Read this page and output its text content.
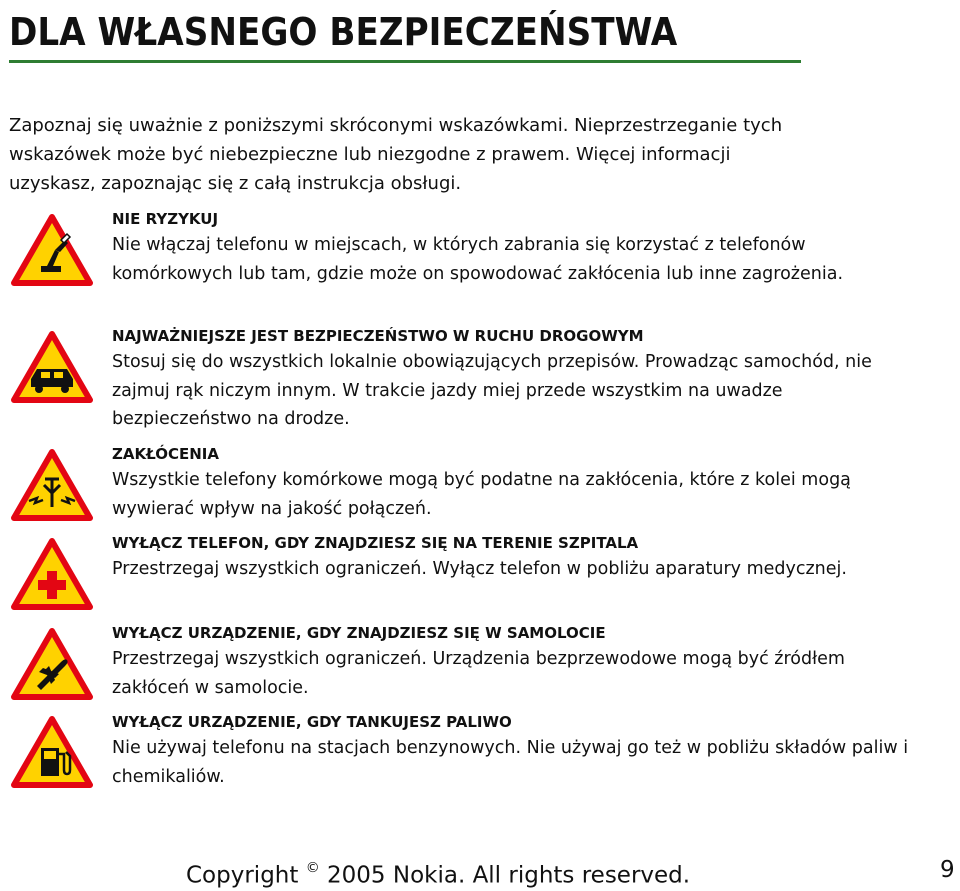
DLA WŁASNEGO BEZPIECZEŃSTWA
Zapoznaj się uważnie z poniższymi skróconymi wskazówkami. Nieprzestrzeganie tych wskazówek może być niebezpieczne lub niezgodne z prawem. Więcej informacji uzyskasz, zapoznając się z całą instrukcja obsługi.
NIE RYZYKUJ
Nie włączaj telefonu w miejscach, w których zabrania się korzystać z telefonów komórkowych lub tam, gdzie może on spowodować zakłócenia lub inne zagrożenia.
NAJWAŻNIEJSZE JEST BEZPIECZEŃSTWO W RUCHU DROGOWYM
Stosuj się do wszystkich lokalnie obowiązujących przepisów. Prowadząc samochód, nie zajmuj rąk niczym innym. W trakcie jazdy miej przede wszystkim na uwadze bezpieczeństwo na drodze.
ZAKŁÓCENIA
Wszystkie telefony komórkowe mogą być podatne na zakłócenia, które z kolei mogą wywierać wpływ na jakość połączeń.
WYŁĄCZ TELEFON, GDY ZNAJDZIESZ SIĘ NA TERENIE SZPITALA
Przestrzegaj wszystkich ograniczeń. Wyłącz telefon w pobliżu aparatury medycznej.
WYŁĄCZ URZĄDZENIE, GDY ZNAJDZIESZ SIĘ W SAMOLOCIE
Przestrzegaj wszystkich ograniczeń. Urządzenia bezprzewodowe mogą być źródłem zakłóceń w samolocie.
WYŁĄCZ URZĄDZENIE, GDY TANKUJESZ PALIWO
Nie używaj telefonu na stacjach benzynowych. Nie używaj go też w pobliżu składów paliw i chemikaliów.
Copyright © 2005 Nokia. All rights reserved.	9
